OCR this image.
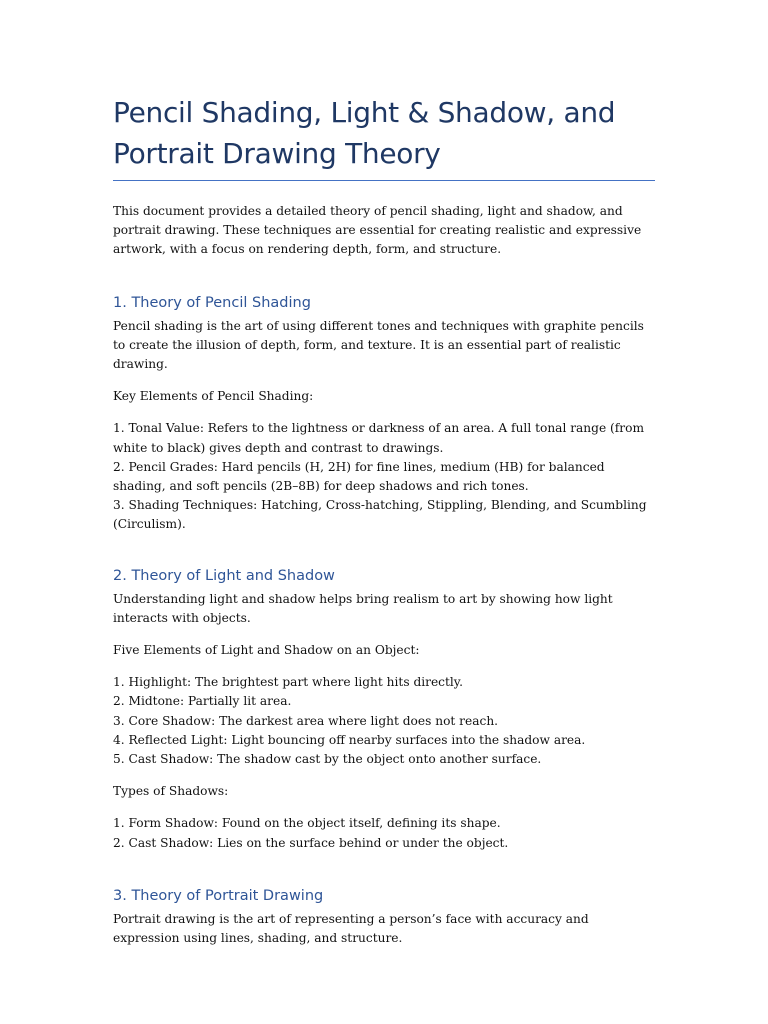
Pencil Shading, Light & Shadow, and
Portrait Drawing Theory

This document provides a detailed theory of pencil shading, light and shadow, and portrait drawing. These techniques are essential for creating realistic and expressive artwork, with a focus on rendering depth, form, and structure.

1. Theory of Pencil Shading

Pencil shading is the art of using different tones and techniques with graphite pencils to create the illusion of depth, form, and texture. It is an essential part of realistic drawing.

Key Elements of Pencil Shading:

1. Tonal Value: Refers to the lightness or darkness of an area. A full tonal range (from white to black) gives depth and contrast to drawings.
2. Pencil Grades: Hard pencils (H, 2H) for fine lines, medium (HB) for balanced shading, and soft pencils (2B–8B) for deep shadows and rich tones.
3. Shading Techniques: Hatching, Cross-hatching, Stippling, Blending, and Scumbling (Circulism).
2. Theory of Light and Shadow

Understanding light and shadow helps bring realism to art by showing how light interacts with objects.

Five Elements of Light and Shadow on an Object:

1. Highlight: The brightest part where light hits directly.
2. Midtone: Partially lit area.
3. Core Shadow: The darkest area where light does not reach.
4. Reflected Light: Light bouncing off nearby surfaces into the shadow area.
5. Cast Shadow: The shadow cast by the object onto another surface.

Types of Shadows:

1. Form Shadow: Found on the object itself, defining its shape.
2. Cast Shadow: Lies on the surface behind or under the object.
3. Theory of Portrait Drawing

Portrait drawing is the art of representing a person’s face with accuracy and expression using lines, shading, and structure.
